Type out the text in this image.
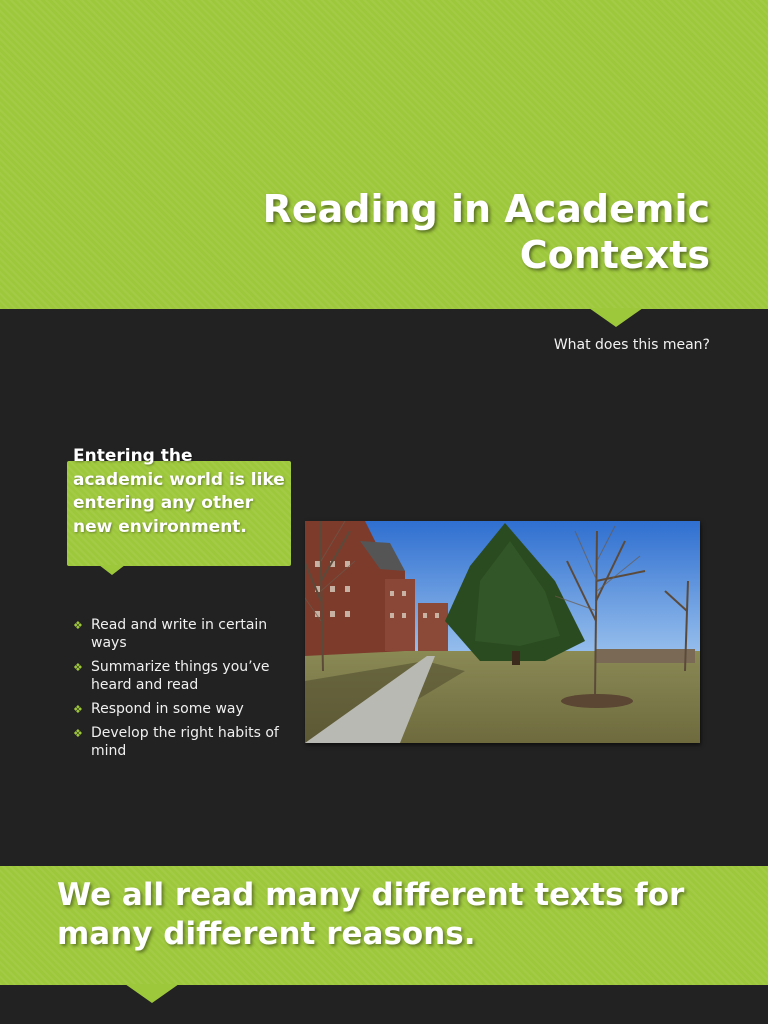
Reading in Academic
Contexts
What does this mean?

Entering the academic world is like entering any other new environment.

❖ Read and write in certain ways
❖ Summarize things you’ve heard and read
❖ Respond in some way
❖ Develop the right habits of mind
We all read many different texts for many different reasons.
